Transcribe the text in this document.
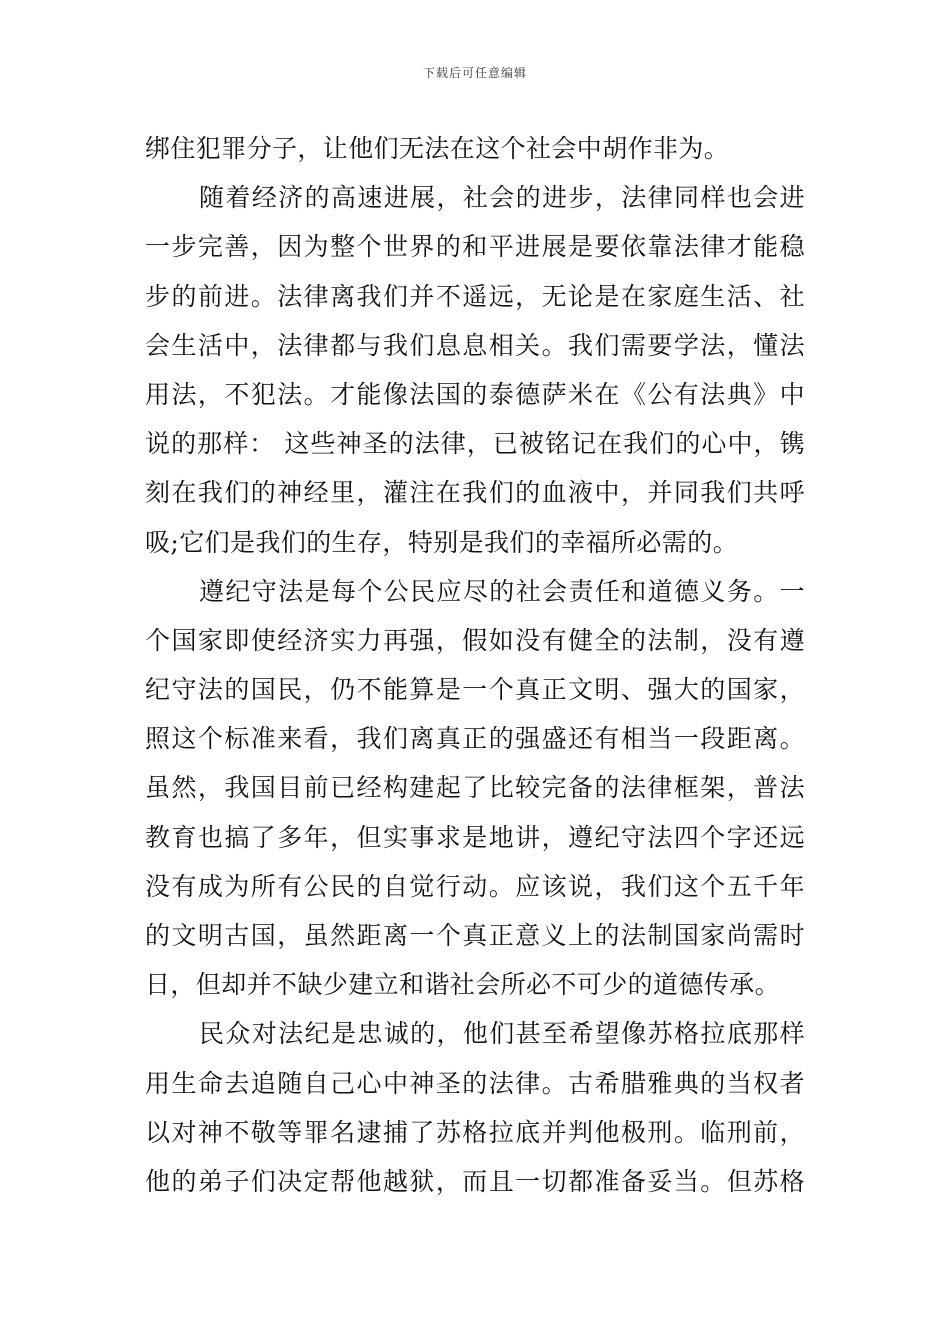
下载后可任意编辑
绑住犯罪分子，让他们无法在这个社会中胡作非为。
随着经济的高速进展，社会的进步，法律同样也会进
一步完善，因为整个世界的和平进展是要依靠法律才能稳
步的前进。法律离我们并不遥远，无论是在家庭生活、社
会生活中，法律都与我们息息相关。我们需要学法，懂法
用法，不犯法。才能像法国的泰德萨米在《公有法典》中
说的那样： 这些神圣的法律，已被铭记在我们的心中，镌
刻在我们的神经里，灌注在我们的血液中，并同我们共呼
吸;它们是我们的生存，特别是我们的幸福所必需的。
遵纪守法是每个公民应尽的社会责任和道德义务。一
个国家即使经济实力再强，假如没有健全的法制，没有遵
纪守法的国民，仍不能算是一个真正文明、强大的国家，
照这个标准来看，我们离真正的强盛还有相当一段距离。
虽然，我国目前已经构建起了比较完备的法律框架，普法
教育也搞了多年，但实事求是地讲，遵纪守法四个字还远
没有成为所有公民的自觉行动。应该说，我们这个五千年
的文明古国，虽然距离一个真正意义上的法制国家尚需时
日，但却并不缺少建立和谐社会所必不可少的道德传承。
民众对法纪是忠诚的，他们甚至希望像苏格拉底那样
用生命去追随自己心中神圣的法律。古希腊雅典的当权者
以对神不敬等罪名逮捕了苏格拉底并判他极刑。临刑前，
他的弟子们决定帮他越狱，而且一切都准备妥当。但苏格
